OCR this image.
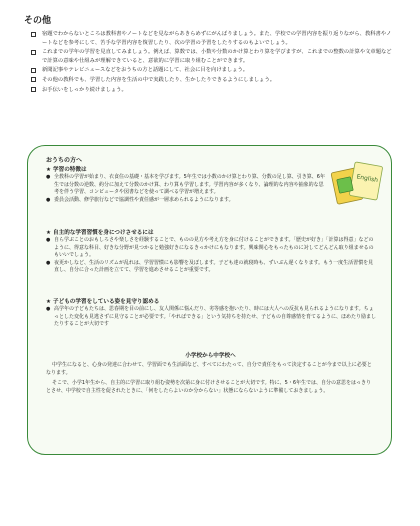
その他
宿題でわからないところは教科書やノートなどを見ながらあきらめずにがんばりましょう。また、学校での学習内容を振り返りながら、教科書やノートなどを参考にして、苦手な学習内容を復習したり、次の学習の予習をしたりするのもよいでしょう。
これまでの学年の学習を見直してみましょう。例えば、算数では、小数や分数のかけ算とわり算を学びますが、これまでの整数の計算や文章題などで計算の意味や仕組みが理解できていると、意欲的に学習に取り組むことができます。
新聞記事やテレビニュースなどをおうちの方と話題にして、社会に目を向けましょう。
その他の教科でも、学習した内容を生活の中で実践したり、生かしたりできるようにしましょう。
お手伝いをしっかり続けましょう。
おうちの方へ
English
★ 学習の特徴は
● 全教科の学習が始まり、衣食住の基礎・基本を学びます。5年生では小数のかけ算とわり算、分数の足し算、引き算、6年生では分数の逆数、約分に加えて分数のかけ算、わり算も学習します。学習内容が多くなり、論理的な内容や抽象的な思考を伴う学習、コンピュータや図書などを使って調べる学習が増えます。
● 委員会活動、修学旅行などで協調性や責任感が一層求められるようになります。
★ 自主的な学習習慣を身につけさせるには
● 自ら学ぶことのおもしろさや楽しさを経験することで、ものの見方や考え方を身に付けることができます。「歴史が好き」「計算は得意」などのように、得意な科目、好きな分野が見つかると勉強好きになるきっかけにもなります。興味関心をもったものに対してどんどん取り組ませるのもいいでしょう。
● 夜更かしなど、生活のリズムが乱れは、学習習慣にも影響を及ぼします。子ども達の就寝時も、ずいぶん遅くなります。もう一度生活習慣を見直し、自分に合った計画を立てて、学習を進めさせることが重要です。
★ 子どもの学習をしている姿を見守り認める
● 高学年の子どもたちは、思春期を目の前にし、友人関係に悩んだり、劣等感を抱いたり、時には大人への反抗も見られるようになります。ちょっとした変化も見逃さずに見守ることが必要です。「やればできる」という気持ちを持たせ、子どもの自尊感情を育てるように、ほめたり励ましたりすることが大切です
小学校から中学校へ
中学生になると、心身の発達に合わせて、学習面でも生活面など、すべてにわたって、自分で責任をもって決定することが今まで以上に必要となります。
そこで、小学1年生から、自主的に学習に取り組む姿勢を次第に身に付けさせることが大切です。特に、5・6年生では、自分の意思をはっきりとさせ、中学校で自主性を促されたときに、「何をしたらよいのか分からない」状態にならないように準備しておきましょう。
